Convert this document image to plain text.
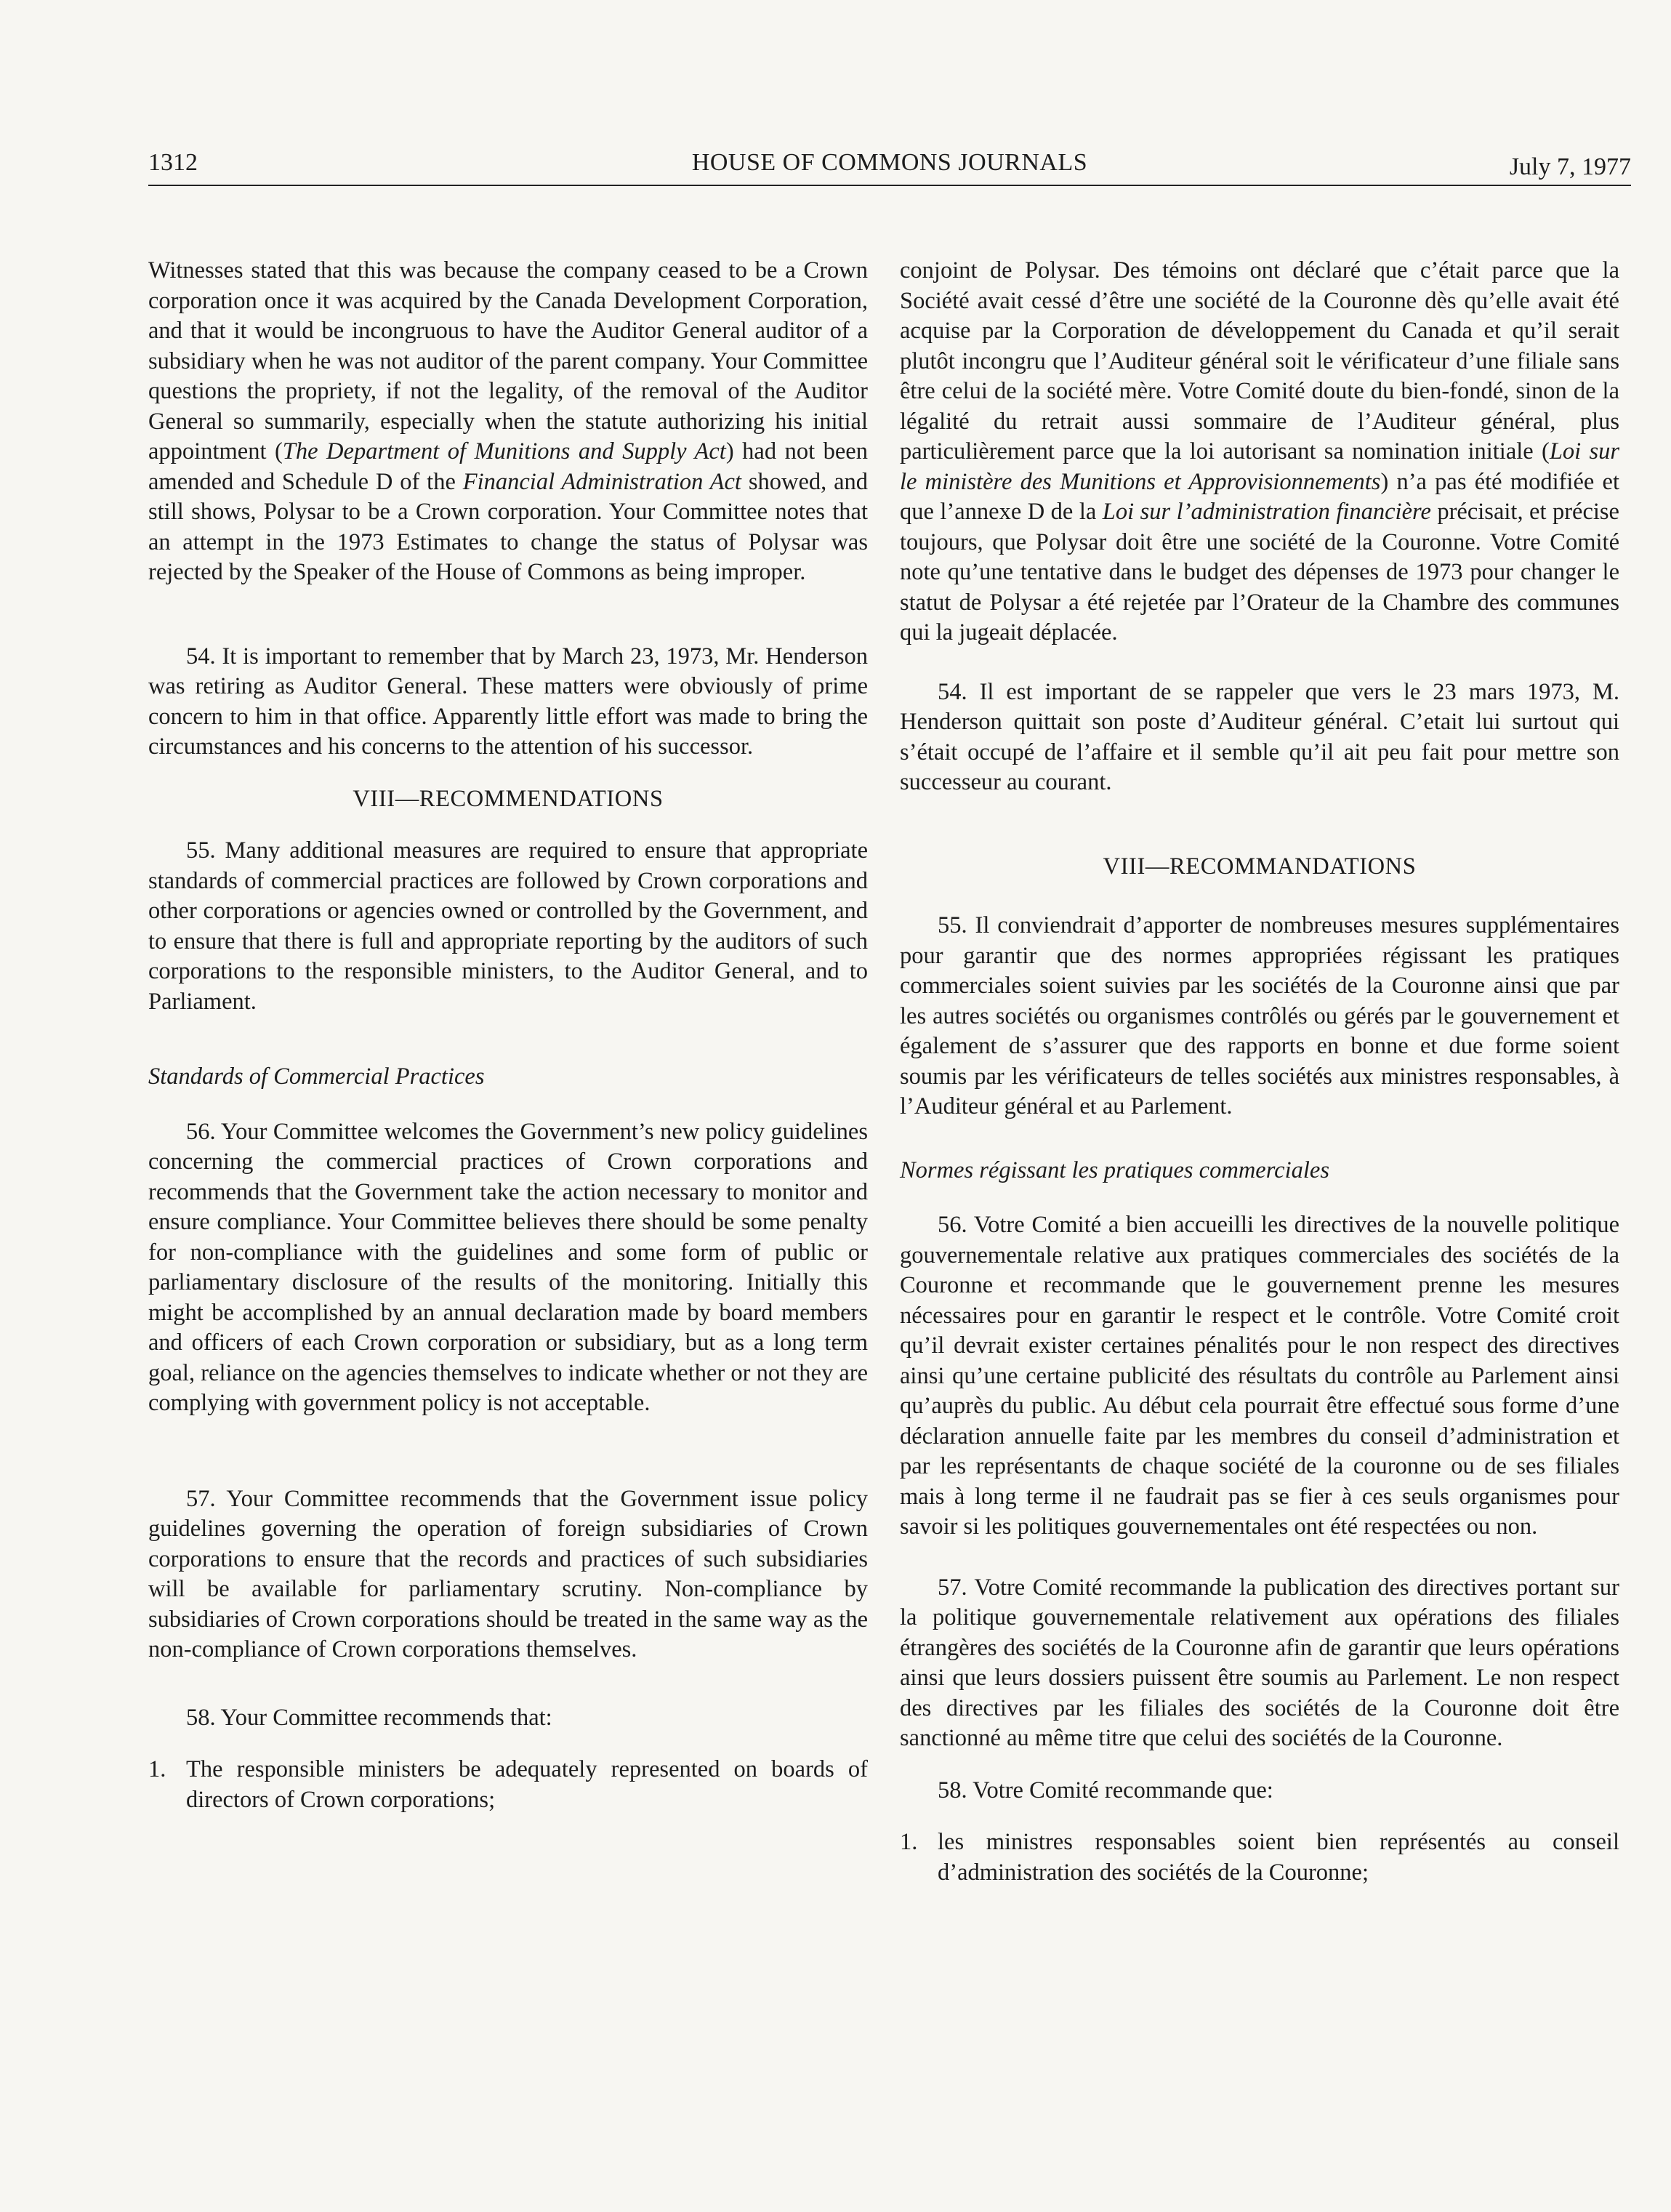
1312	HOUSE OF COMMONS JOURNALS	July 7, 1977

Witnesses stated that this was because the company ceased to be a Crown corporation once it was acquired by the Canada Development Corporation, and that it would be incongruous to have the Auditor General auditor of a subsidiary when he was not auditor of the parent company. Your Committee questions the propriety, if not the legality, of the removal of the Auditor General so summarily, especially when the statute authorizing his initial appointment (The Department of Munitions and Supply Act) had not been amended and Schedule D of the Financial Administration Act showed, and still shows, Polysar to be a Crown corporation. Your Committee notes that an attempt in the 1973 Estimates to change the status of Polysar was rejected by the Speaker of the House of Commons as being improper.

54. It is important to remember that by March 23, 1973, Mr. Henderson was retiring as Auditor General. These matters were obviously of prime concern to him in that office. Apparently little effort was made to bring the circumstances and his concerns to the attention of his successor.

VIII—RECOMMENDATIONS

55. Many additional measures are required to ensure that appropriate standards of commercial practices are followed by Crown corporations and other corporations or agencies owned or controlled by the Government, and to ensure that there is full and appropriate reporting by the auditors of such corporations to the responsible ministers, to the Auditor General, and to Parliament.

Standards of Commercial Practices

56. Your Committee welcomes the Government’s new policy guidelines concerning the commercial practices of Crown corporations and recommends that the Government take the action necessary to monitor and ensure compliance. Your Committee believes there should be some penalty for non-compliance with the guidelines and some form of public or parliamentary disclosure of the results of the monitoring. Initially this might be accomplished by an annual declaration made by board members and officers of each Crown corporation or subsidiary, but as a long term goal, reliance on the agencies themselves to indicate whether or not they are complying with government policy is not acceptable.

57. Your Committee recommends that the Government issue policy guidelines governing the operation of foreign subsidiaries of Crown corporations to ensure that the records and practices of such subsidiaries will be available for parliamentary scrutiny. Non-compliance by subsidiaries of Crown corporations should be treated in the same way as the non-compliance of Crown corporations themselves.

58. Your Committee recommends that:

1. The responsible ministers be adequately represented on boards of directors of Crown corporations;

conjoint de Polysar. Des témoins ont déclaré que c’était parce que la Société avait cessé d’être une société de la Couronne dès qu’elle avait été acquise par la Corporation de développement du Canada et qu’il serait plutôt incongru que l’Auditeur général soit le vérificateur d’une filiale sans être celui de la société mère. Votre Comité doute du bien-fondé, sinon de la légalité du retrait aussi sommaire de l’Auditeur général, plus particulièrement parce que la loi autorisant sa nomination initiale (Loi sur le ministère des Munitions et Approvisionnements) n’a pas été modifiée et que l’annexe D de la Loi sur l’administration financière précisait, et précise toujours, que Polysar doit être une société de la Couronne. Votre Comité note qu’une tentative dans le budget des dépenses de 1973 pour changer le statut de Polysar a été rejetée par l’Orateur de la Chambre des communes qui la jugeait déplacée.

54. Il est important de se rappeler que vers le 23 mars 1973, M. Henderson quittait son poste d’Auditeur général. C’etait lui surtout qui s’était occupé de l’affaire et il semble qu’il ait peu fait pour mettre son successeur au courant.

VIII—RECOMMANDATIONS

55. Il conviendrait d’apporter de nombreuses mesures supplémentaires pour garantir que des normes appropriées régissant les pratiques commerciales soient suivies par les sociétés de la Couronne ainsi que par les autres sociétés ou organismes contrôlés ou gérés par le gouvernement et également de s’assurer que des rapports en bonne et due forme soient soumis par les vérificateurs de telles sociétés aux ministres responsables, à l’Auditeur général et au Parlement.

Normes régissant les pratiques commerciales

56. Votre Comité a bien accueilli les directives de la nouvelle politique gouvernementale relative aux pratiques commerciales des sociétés de la Couronne et recommande que le gouvernement prenne les mesures nécessaires pour en garantir le respect et le contrôle. Votre Comité croit qu’il devrait exister certaines pénalités pour le non respect des directives ainsi qu’une certaine publicité des résultats du contrôle au Parlement ainsi qu’auprès du public. Au début cela pourrait être effectué sous forme d’une déclaration annuelle faite par les membres du conseil d’administration et par les représentants de chaque société de la couronne ou de ses filiales mais à long terme il ne faudrait pas se fier à ces seuls organismes pour savoir si les politiques gouvernementales ont été respectées ou non.

57. Votre Comité recommande la publication des directives portant sur la politique gouvernementale relativement aux opérations des filiales étrangères des sociétés de la Couronne afin de garantir que leurs opérations ainsi que leurs dossiers puissent être soumis au Parlement. Le non respect des directives par les filiales des sociétés de la Couronne doit être sanctionné au même titre que celui des sociétés de la Couronne.

58. Votre Comité recommande que:

1. les ministres responsables soient bien représentés au conseil d’administration des sociétés de la Couronne;
